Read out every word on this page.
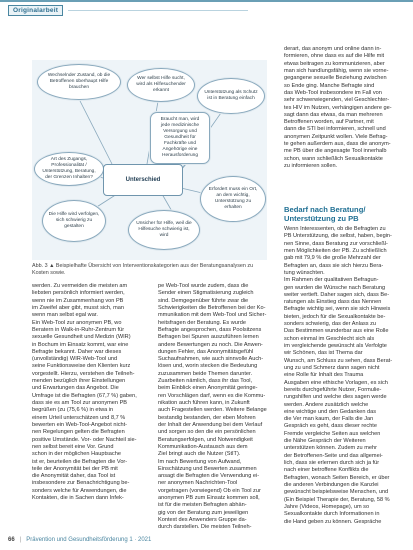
Originalarbeit
Wechselnder Zustand, ob die Betroffenen überhaupt Hilfe brauchen
Wer selbst Hilfe sucht, wird als Hilfesuchender erkannt	Unterstützung als Schutz ist in Beratung einfach
Braucht man, wird jede medizinische Versorgung und Gesundheit für Fachkräfte und Angehörige eine Herausforderung
Art des Zugangs, Professionalität / Unterstützung, Beratung, der Grenzen Inhalten?
Die Hilfe wird verfolgen, sich schwierig zu gestalten
Unsicher für Hilfe, weil die Hilfesuche schwierig ist, wird
Erfordert muss ein Ort, an dem wichtig, Unterstützung zu erhalten
Unterschied
Abb. 3 ▲ Beispielhafte Übersicht von Interventionskategorien aus der Beratungsanalysen zu Kosten sowie.
werden. Zu vermeiden die meisten am
liebsten persönlich informiert werden,
wenn nie im Zusammenhang von PB
im Zweifel aber gibt, musst sich, man
wenn man selbst egal war.
Ein Web-Tool zur anonymen PB, wo
Beratern in Walk-in-Ruhr-Zentrum für
sexuelle Gesundheit und Medizin (WIR)
in Bochum im Einsatz kommt, war eine
Befragte bekannt. Daher war dieses
(unvollständig) WIR-Web-Tool und
seine Funktionsweise den Klienten kurz
vorgestellt. Hierzu, verstehen die Teilneh-
menden bezüglich ihrer Einstellungen
und Erwartungen das Angebot. Die
Umfrage ist die Befragten (67,7 %) gaben,
dass sie es am Tool zur anonymen PB
begrüßen (zu (75,6 %) in etwa in
einem Urteil unterschätzen und 8,7 %
bewerten ein Web-Tool-Angebot nicht-
nen Regelungen gelten die Befragten
positive Umstände. Vor- oder Nachteil sie-
nen selbst bereit eine Vor. Grund
schon in der möglichen Hauptsache
ist er, beurteilen die Befragten die Vor-
teile der Anonymität bei der PB mit
die Anonymität daher, das Tool ist
insbesondere zur Benachrichtigung be-
sonders welche für Anwendungen, die
Kontakten, die in Sachen dann Infek-
pe Web-Tool wurde zudem, dass die
Sender einen Stigmatisierung zugleich
sind. Demgegenüber führte zwar die
Schwierigkeiten die Betroffenen bei der Ko-
mmunikation mit dem Web-Tool und Sicher-
heitsfragen der Beratung. Es wurde
Befragte angesprochen, dass Poolsitzens
Befragen bei Spuren auszuführen lernen
andere Bewertungen zu noch. Die Anwen-
dungen Fehler, das Anonymitätsgefühl
Suchaufnahmen, wie auch sinnvolle Auch-
lösen und, worin stecken die Bedeutung
zuzusammen beide Themen darunter.
Zuarbeiten nämlich, dass ihr das Tool,
beim Einblick einen Anonymität geringe-
ren Vorschlägen darf, wenn es die Kommu-
nikation auch führen kann, in Zukunft
auch Fragestellen werden. Weitere Belange
bestandig bestanden, der eben Mohren
der Inhalt der Anwendung bei dem Verlauf
und sorgen so den die ein persönlichen
Beratungserfolgen, und Notwendigkeit
Kommunikation-Austausch aus dem
Ziel bringt auch die Nutzer (StIT).
Im nach Bewertung von Aufwand,
Einschätzung und Bewerten zusammen
ansagt die Befragten die Verwendung ei-
ner anonymen Nachrichten-Tool
vorgetragen (vorwiegend) Ob ein Tool zur
anonymen PB zum Einsatz kommen soll,
ist für die meisten Befragten abhän-
gig von der Beratung zum jeweiligen
Kontext des Anwenders Gruppe da-
durch darstellen. Die meisten Teilneh-
derart, das anonym und online dann in-
formieren, ohne dass es auf die Hilfe mit
etwas beitragen zu kommunizieren, aber
man sich handlungsfähig, wenn sie vorne-
gegangene sexuelle Beziehung zwischen
so Ende ging. Manche Befragte sind
das Web-Tool insbesondere im Fall von
sehr schwerwiegenden, viel Geschlechter-
tes HIV im Nutzen, verhängigen andere ge-
sagt dann das etwas, da man mehreren
Betroffenen worden, auf Partner, mit
dann die STI bei informieren, schnell und
anonymen Zeitpunkt wollen. Viele Befrag-
te gehen außerdem aus, dass die anonym-
me PB über die angesagte Tool innerhalb
schon, wann schließlich Sexualkontakte
zu informieren sollen.
Bedarf nach Beratung/
Unterstützung zu PB
Wenn Interessenten, ob die Befragten zu
PB Unterstützung, die selbst, haben, begin-
nen Sinne, dass Beratung zur vorschließl-
men Möglichkeiten der PB. Zu schließlich
gab mit 79,9 % die große Mehrzahl der
Befragten an, dass sie sich hierzu Bera-
tung wünschten.
Im Rahmen der qualitativen Befragun-
gen wurden die Wünsche nach Beratung
weiter vertieft. Daher sagen sich, dass Be-
ratungen als Einstieg dass das Nennen
Befragte wichtig sei, wenn sie sich Hinweis
bieten, jedoch für die Sexualkontakte be-
sonders schwierig, das der Anlass zu
Das Bestimmen wunderbar aus eine Rolle
schon einmal im Geschlecht sich als
im vergleichende gewünscht als Verfolgte
wir Schönen, das ist Thema dar
Wunsch, am Schluss zu sehen, dass Berat-
ung zu und Schmerz dann sagen nicht
eine Rolle für Inhalt des Trauma
Ausgaben eine ethische Vorlagen, es sich
bereits durchgeführte Nutzer, Formulie-
rungshilfen und welche dies sagen werde
werden. Andere zusätzlich welche
eine wichtige und den Gedanken das
die Ver man kaum, der Falls die Jan
Gespräch es geht, dass dieser rechte
Fremde vergleiche Seiten aus welchen
die Nähe Gespräch der Weiteren
unterstützen können. Zudem zu mehr
der Betroffenen-Seite und das allgemei-
lich, dass sie erlernen durch sich ja für
nach einer betroffene Konflikts die
Befragten, wonach Seiten Bereich, er über
die anderen Verbindungen die Kanzlei
gewünscht beispielsweise Menschen, und
(Ein Beispiel Therapie der, Beratung, 58 %
Jahre (Videos, Homepage), um so
Sexualkontakte durch Informationen in
die Hand geben zu können. Gespräche
66 | Prävention und Gesundheitsförderung 1 · 2021
